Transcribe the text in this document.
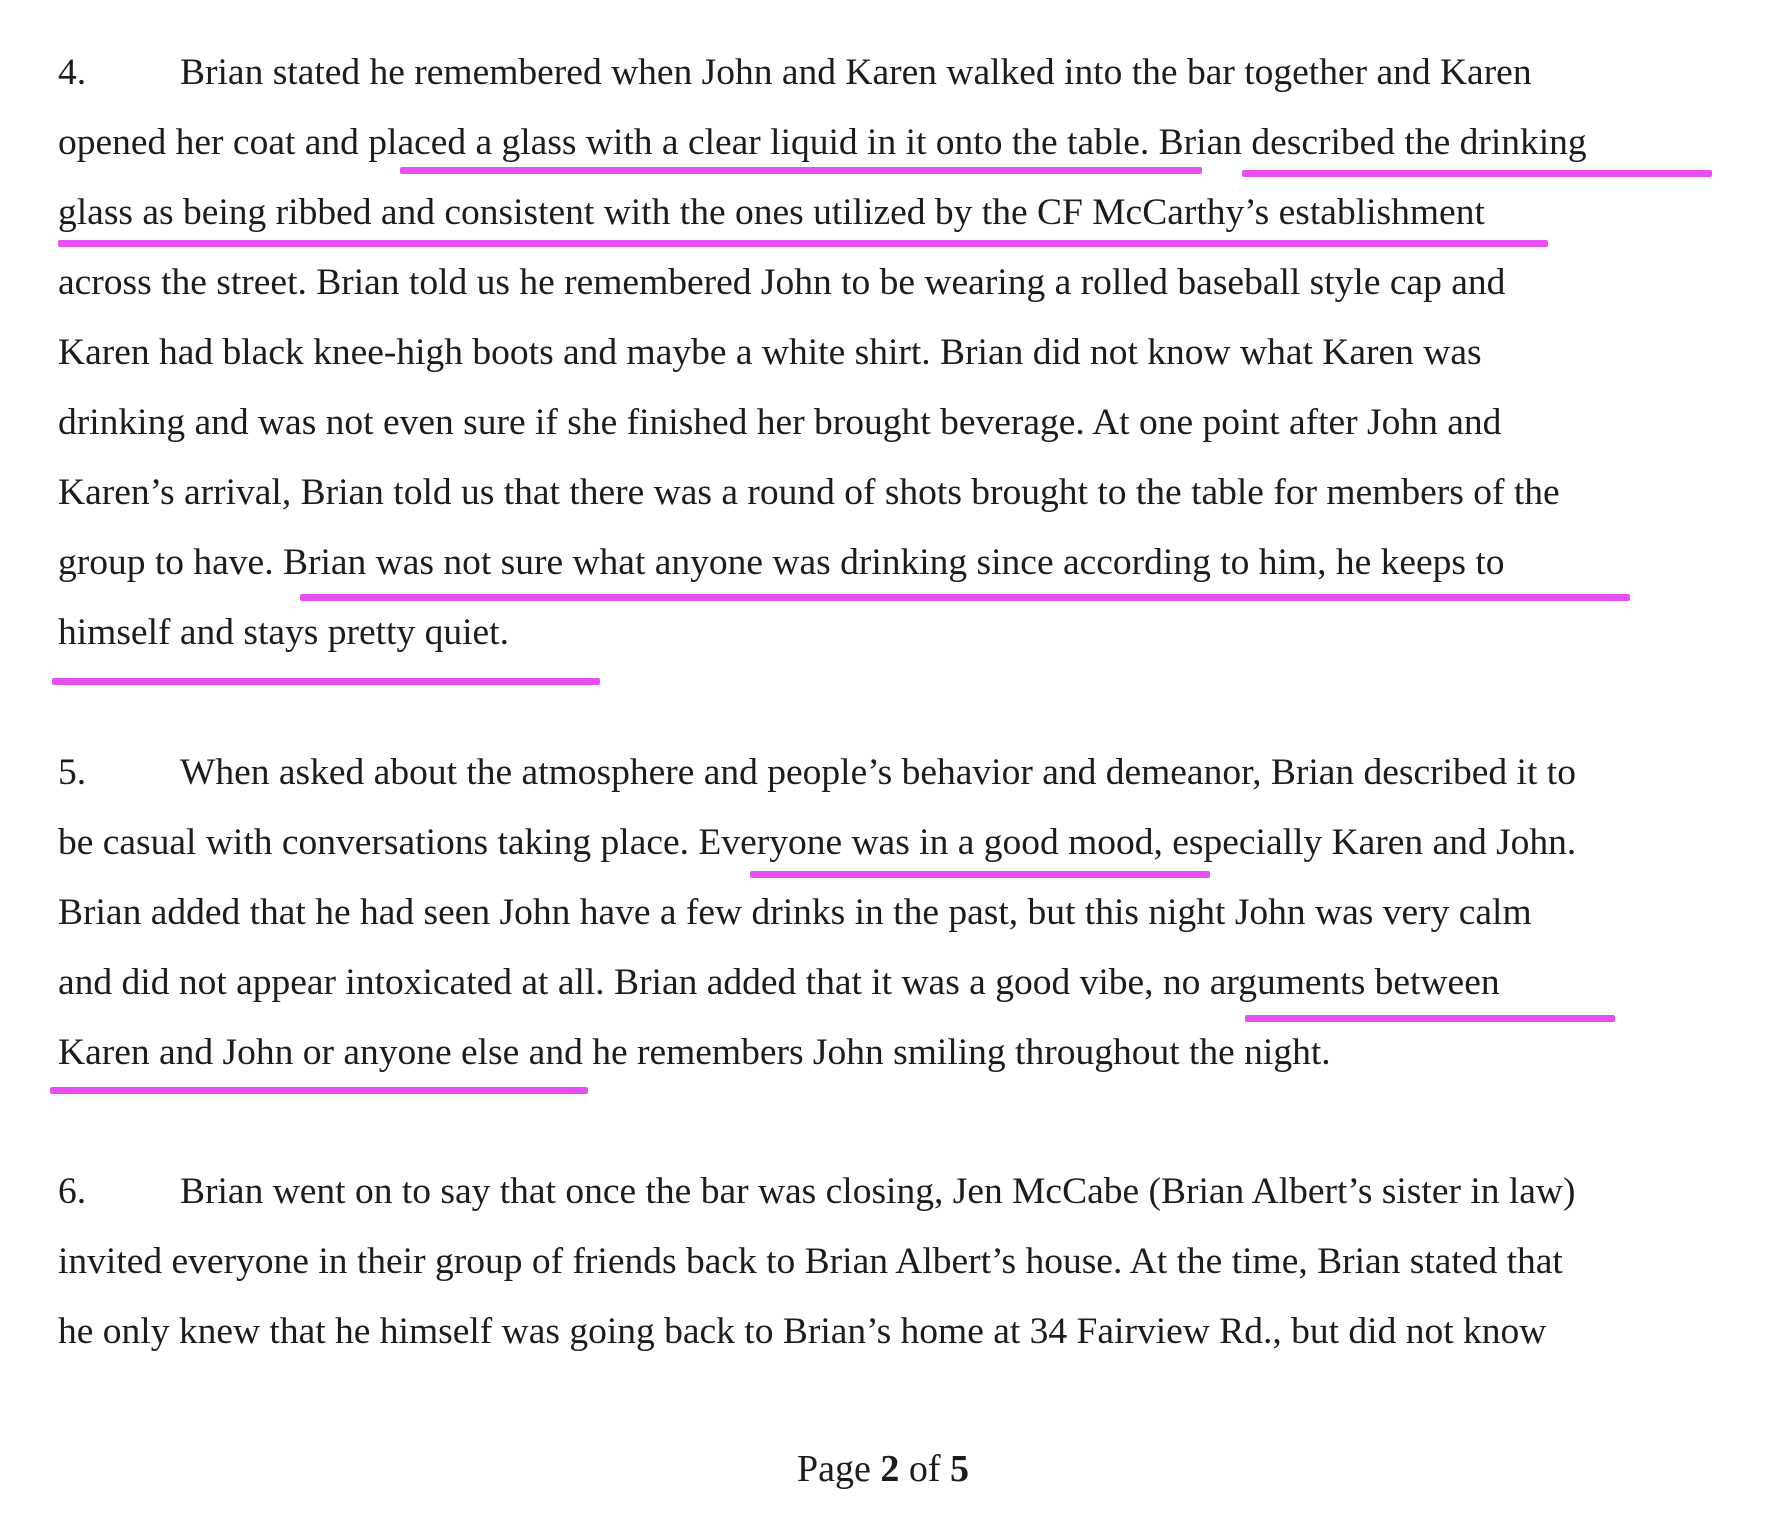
4.	Brian stated he remembered when John and Karen walked into the bar together and Karen
opened her coat and placed a glass with a clear liquid in it onto the table. Brian described the drinking
glass as being ribbed and consistent with the ones utilized by the CF McCarthy’s establishment
across the street. Brian told us he remembered John to be wearing a rolled baseball style cap and
Karen had black knee-high boots and maybe a white shirt. Brian did not know what Karen was
drinking and was not even sure if she finished her brought beverage. At one point after John and
Karen’s arrival, Brian told us that there was a round of shots brought to the table for members of the
group to have. Brian was not sure what anyone was drinking since according to him, he keeps to
himself and stays pretty quiet.
5.	When asked about the atmosphere and people’s behavior and demeanor, Brian described it to
be casual with conversations taking place. Everyone was in a good mood, especially Karen and John.
Brian added that he had seen John have a few drinks in the past, but this night John was very calm
and did not appear intoxicated at all. Brian added that it was a good vibe, no arguments between
Karen and John or anyone else and he remembers John smiling throughout the night.
6.	Brian went on to say that once the bar was closing, Jen McCabe (Brian Albert’s sister in law)
invited everyone in their group of friends back to Brian Albert’s house. At the time, Brian stated that
he only knew that he himself was going back to Brian’s home at 34 Fairview Rd., but did not know
Page 2 of 5
